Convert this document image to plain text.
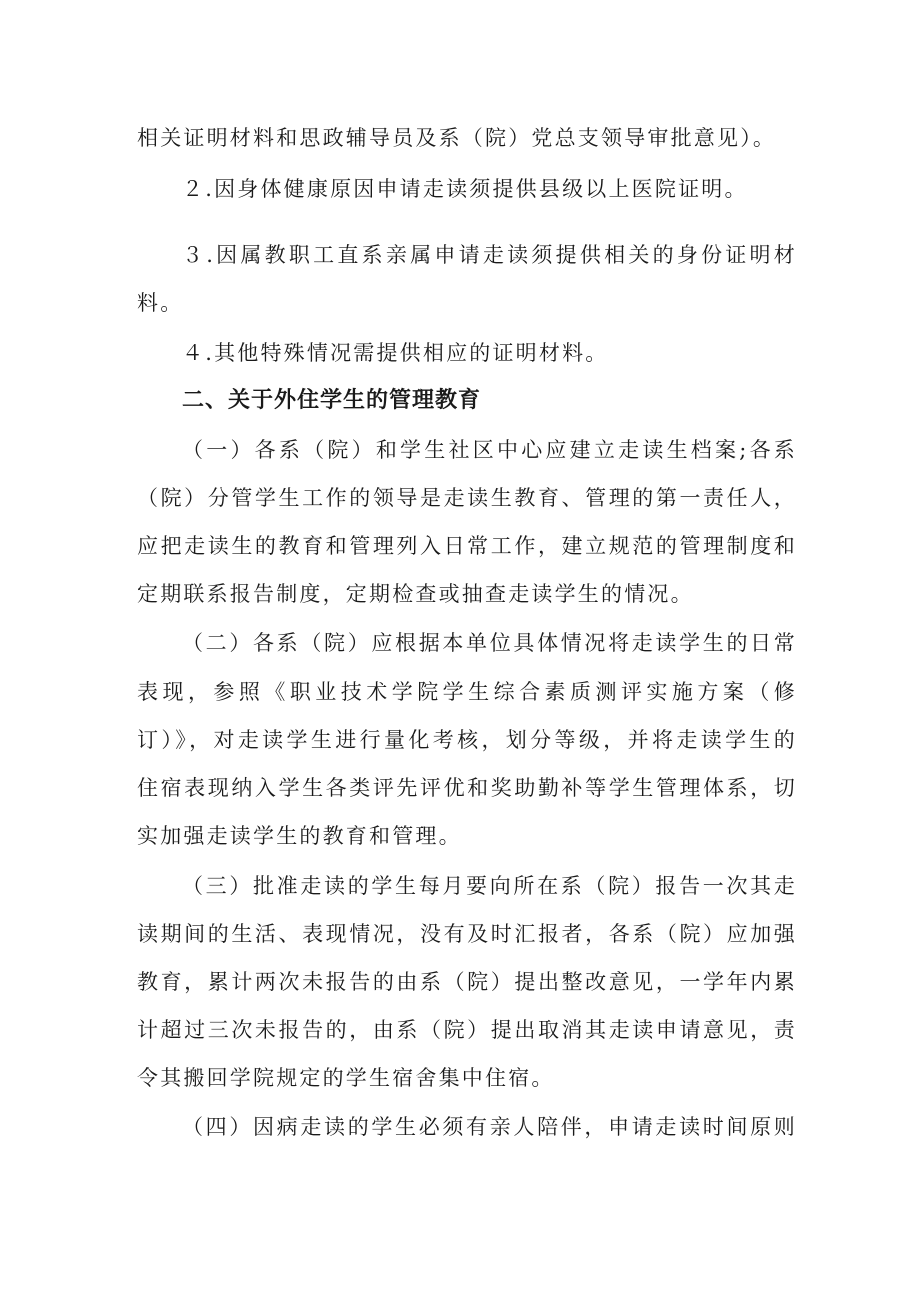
相关证明材料和思政辅导员及系（院）党总支领导审批意见）。
２.因身体健康原因申请走读须提供县级以上医院证明。
３.因属教职工直系亲属申请走读须提供相关的身份证明材
料。
４.其他特殊情况需提供相应的证明材料。
二、关于外住学生的管理教育
（一）各系（院）和学生社区中心应建立走读生档案;各系
（院）分管学生工作的领导是走读生教育、管理的第一责任人，
应把走读生的教育和管理列入日常工作，建立规范的管理制度和
定期联系报告制度，定期检查或抽查走读学生的情况。
（二）各系（院）应根据本单位具体情况将走读学生的日常
表现，参照《职业技术学院学生综合素质测评实施方案（修
订）》，对走读学生进行量化考核，划分等级，并将走读学生的
住宿表现纳入学生各类评先评优和奖助勤补等学生管理体系，切
实加强走读学生的教育和管理。
（三）批准走读的学生每月要向所在系（院）报告一次其走
读期间的生活、表现情况，没有及时汇报者，各系（院）应加强
教育，累计两次未报告的由系（院）提出整改意见，一学年内累
计超过三次未报告的，由系（院）提出取消其走读申请意见，责
令其搬回学院规定的学生宿舍集中住宿。
（四）因病走读的学生必须有亲人陪伴，申请走读时间原则
